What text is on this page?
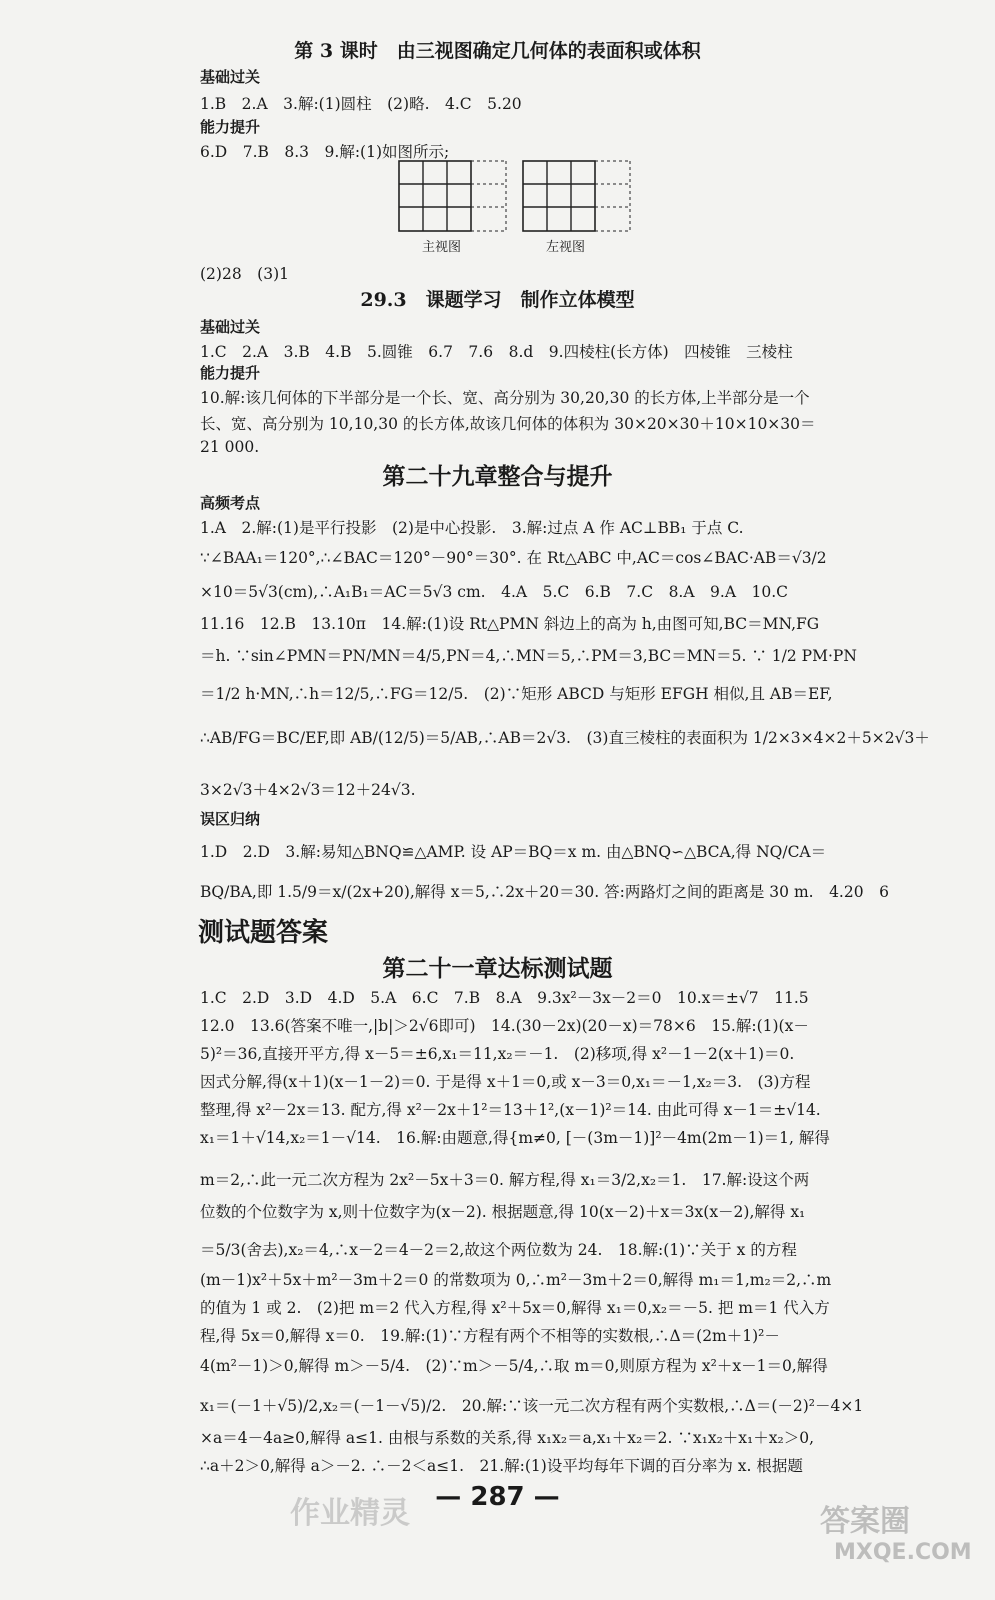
第 3 课时　由三视图确定几何体的表面积或体积
基础过关
1.B　2.A　3.解:(1)圆柱　(2)略.　4.C　5.20
能力提升
6.D　7.B　8.3　9.解:(1)如图所示;
主视图	左视图
(2)28　(3)1
29.3　课题学习　制作立体模型
基础过关
1.C　2.A　3.B　4.B　5.圆锥　6.7　7.6　8.d　9.四棱柱(长方体)　四棱锥　三棱柱
能力提升
10.解:该几何体的下半部分是一个长、宽、高分别为 30,20,30 的长方体,上半部分是一个
长、宽、高分别为 10,10,30 的长方体,故该几何体的体积为 30×20×30＋10×10×30＝
21 000.
第二十九章整合与提升
高频考点
1.A　2.解:(1)是平行投影　(2)是中心投影.　3.解:过点 A 作 AC⊥BB₁ 于点 C.
∵∠BAA₁＝120°,∴∠BAC＝120°－90°＝30°. 在 Rt△ABC 中,AC＝cos∠BAC·AB＝√3/2
×10＝5√3(cm),∴A₁B₁＝AC＝5√3 cm.　4.A　5.C　6.B　7.C　8.A　9.A　10.C
11.16　12.B　13.10π　14.解:(1)设 Rt△PMN 斜边上的高为 h,由图可知,BC＝MN,FG
＝h. ∵sin∠PMN＝PN/MN＝4/5,PN＝4,∴MN＝5,∴PM＝3,BC＝MN＝5. ∵ 1/2 PM·PN
＝1/2 h·MN,∴h＝12/5,∴FG＝12/5.　(2)∵矩形 ABCD 与矩形 EFGH 相似,且 AB＝EF,
∴AB/FG＝BC/EF,即 AB/(12/5)＝5/AB,∴AB＝2√3.　(3)直三棱柱的表面积为 1/2×3×4×2＋5×2√3＋
3×2√3＋4×2√3＝12＋24√3.
误区归纳
1.D　2.D　3.解:易知△BNQ≌△AMP. 设 AP＝BQ＝x m. 由△BNQ∽△BCA,得 NQ/CA＝
BQ/BA,即 1.5/9＝x/(2x+20),解得 x＝5,∴2x＋20＝30. 答:两路灯之间的距离是 30 m.　4.20　6
测试题答案
第二十一章达标测试题
1.C　2.D　3.D　4.D　5.A　6.C　7.B　8.A　9.3x²－3x－2＝0　10.x＝±√7　11.5
12.0　13.6(答案不唯一,|b|＞2√6即可)　14.(30－2x)(20－x)＝78×6　15.解:(1)(x－
5)²＝36,直接开平方,得 x－5＝±6,x₁＝11,x₂＝－1.　(2)移项,得 x²－1－2(x＋1)＝0.
因式分解,得(x＋1)(x－1－2)＝0. 于是得 x＋1＝0,或 x－3＝0,x₁＝－1,x₂＝3.　(3)方程
整理,得 x²－2x＝13. 配方,得 x²－2x＋1²＝13＋1²,(x－1)²＝14. 由此可得 x－1＝±√14.
x₁＝1＋√14,x₂＝1－√14.　16.解:由题意,得{m≠0, [－(3m－1)]²－4m(2m－1)＝1, 解得
m＝2,∴此一元二次方程为 2x²－5x＋3＝0. 解方程,得 x₁＝3/2,x₂＝1.　17.解:设这个两
位数的个位数字为 x,则十位数字为(x－2). 根据题意,得 10(x－2)＋x＝3x(x－2),解得 x₁
＝5/3(舍去),x₂＝4,∴x－2＝4－2＝2,故这个两位数为 24.　18.解:(1)∵关于 x 的方程
(m－1)x²＋5x＋m²－3m＋2＝0 的常数项为 0,∴m²－3m＋2＝0,解得 m₁＝1,m₂＝2,∴m
的值为 1 或 2.　(2)把 m＝2 代入方程,得 x²＋5x＝0,解得 x₁＝0,x₂＝－5. 把 m＝1 代入方
程,得 5x＝0,解得 x＝0.　19.解:(1)∵方程有两个不相等的实数根,∴Δ＝(2m＋1)²－
4(m²－1)＞0,解得 m＞－5/4.　(2)∵m＞－5/4,∴取 m＝0,则原方程为 x²＋x－1＝0,解得
x₁＝(－1＋√5)/2,x₂＝(－1－√5)/2.　20.解:∵该一元二次方程有两个实数根,∴Δ＝(－2)²－4×1
×a＝4－4a≥0,解得 a≤1. 由根与系数的关系,得 x₁x₂＝a,x₁＋x₂＝2. ∵x₁x₂＋x₁＋x₂＞0,
∴a＋2＞0,解得 a＞－2. ∴－2＜a≤1.　21.解:(1)设平均每年下调的百分率为 x. 根据题
作业精灵 — 287 —
答案圈
MXQE.COM
